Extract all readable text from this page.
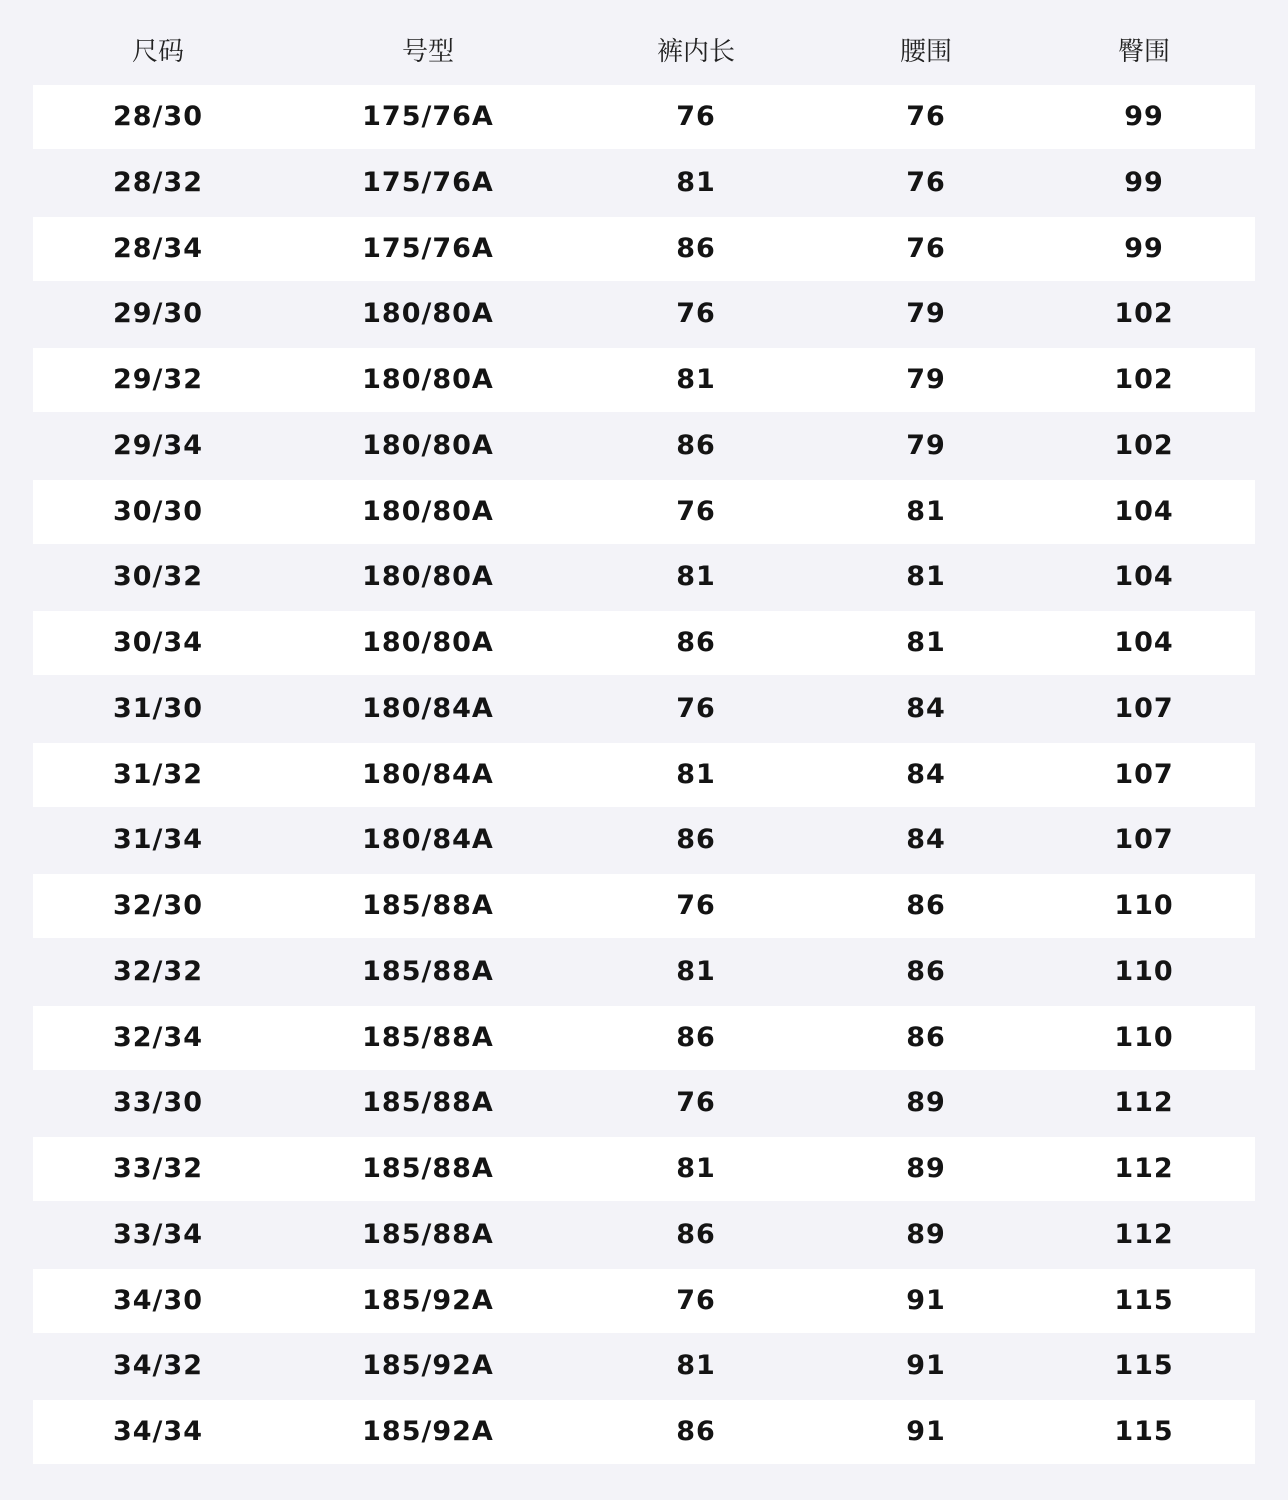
尺码	号型	裤内长	腰围	臀围
28/30	175/76A	76	76	99
28/32	175/76A	81	76	99
28/34	175/76A	86	76	99
29/30	180/80A	76	79	102
29/32	180/80A	81	79	102
29/34	180/80A	86	79	102
30/30	180/80A	76	81	104
30/32	180/80A	81	81	104
30/34	180/80A	86	81	104
31/30	180/84A	76	84	107
31/32	180/84A	81	84	107
31/34	180/84A	86	84	107
32/30	185/88A	76	86	110
32/32	185/88A	81	86	110
32/34	185/88A	86	86	110
33/30	185/88A	76	89	112
33/32	185/88A	81	89	112
33/34	185/88A	86	89	112
34/30	185/92A	76	91	115
34/32	185/92A	81	91	115
34/34	185/92A	86	91	115
